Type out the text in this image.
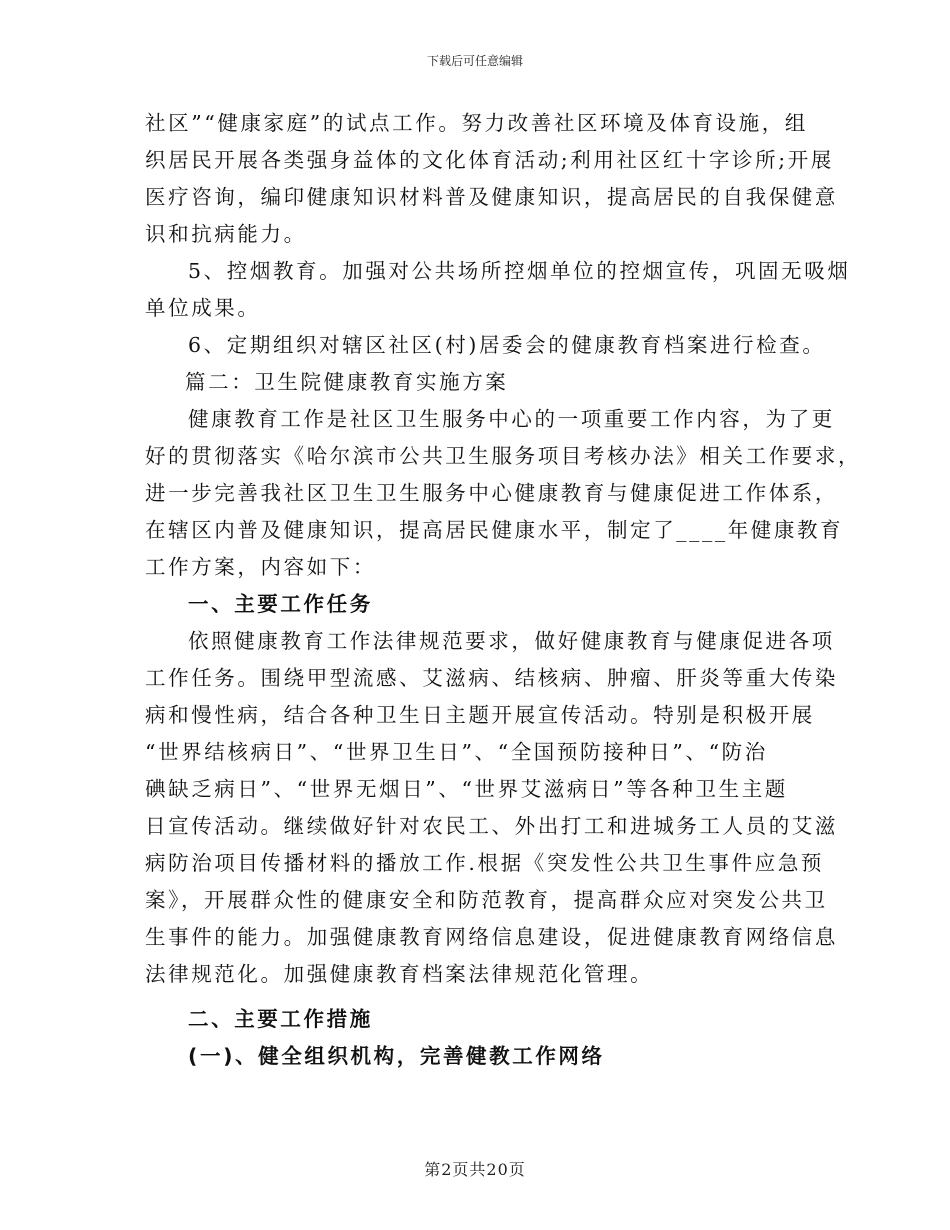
下载后可任意编辑
社区”“健康家庭”的试点工作。努力改善社区环境及体育设施，组
织居民开展各类强身益体的文化体育活动;利用社区红十字诊所;开展
医疗咨询，编印健康知识材料普及健康知识，提高居民的自我保健意
识和抗病能力。
5、控烟教育。加强对公共场所控烟单位的控烟宣传，巩固无吸烟
单位成果。
6、定期组织对辖区社区(村)居委会的健康教育档案进行检查。
篇二：卫生院健康教育实施方案
健康教育工作是社区卫生服务中心的一项重要工作内容，为了更
好的贯彻落实《哈尔滨市公共卫生服务项目考核办法》相关工作要求，
进一步完善我社区卫生卫生服务中心健康教育与健康促进工作体系，
在辖区内普及健康知识，提高居民健康水平，制定了____年健康教育
工作方案，内容如下：
一、主要工作任务
依照健康教育工作法律规范要求，做好健康教育与健康促进各项
工作任务。围绕甲型流感、艾滋病、结核病、肿瘤、肝炎等重大传染
病和慢性病，结合各种卫生日主题开展宣传活动。特别是积极开展
“世界结核病日”、“世界卫生日”、“全国预防接种日”、“防治
碘缺乏病日”、“世界无烟日”、“世界艾滋病日”等各种卫生主题
日宣传活动。继续做好针对农民工、外出打工和进城务工人员的艾滋
病防治项目传播材料的播放工作.根据《突发性公共卫生事件应急预
案》，开展群众性的健康安全和防范教育，提高群众应对突发公共卫
生事件的能力。加强健康教育网络信息建设，促进健康教育网络信息
法律规范化。加强健康教育档案法律规范化管理。
二、主要工作措施
(一)、健全组织机构，完善健教工作网络
第2页共20页
